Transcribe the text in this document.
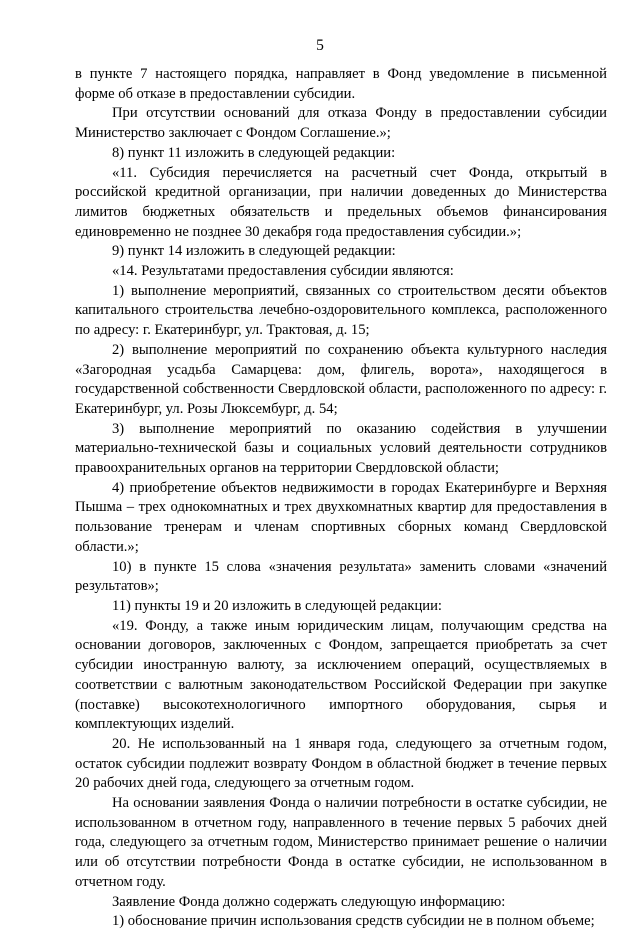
5

в пункте 7 настоящего порядка, направляет в Фонд уведомление в письменной форме об отказе в предоставлении субсидии.

При отсутствии оснований для отказа Фонду в предоставлении субсидии Министерство заключает с Фондом Соглашение.»;

8) пункт 11 изложить в следующей редакции:

«11. Субсидия перечисляется на расчетный счет Фонда, открытый в российской кредитной организации, при наличии доведенных до Министерства лимитов бюджетных обязательств и предельных объемов финансирования единовременно не позднее 30 декабря года предоставления субсидии.»;

9) пункт 14 изложить в следующей редакции:

«14. Результатами предоставления субсидии являются:

1) выполнение мероприятий, связанных со строительством десяти объектов капитального строительства лечебно-оздоровительного комплекса, расположенного по адресу: г. Екатеринбург, ул. Трактовая, д. 15;

2) выполнение мероприятий по сохранению объекта культурного наследия «Загородная усадьба Самарцева: дом, флигель, ворота», находящегося в государственной собственности Свердловской области, расположенного по адресу: г. Екатеринбург, ул. Розы Люксембург, д. 54;

3) выполнение мероприятий по оказанию содействия в улучшении материально-технической базы и социальных условий деятельности сотрудников правоохранительных органов на территории Свердловской области;

4) приобретение объектов недвижимости в городах Екатеринбурге и Верхняя Пышма – трех однокомнатных и трех двухкомнатных квартир для предоставления в пользование тренерам и членам спортивных сборных команд Свердловской области.»;

10) в пункте 15 слова «значения результата» заменить словами «значений результатов»;

11) пункты 19 и 20 изложить в следующей редакции:

«19. Фонду, а также иным юридическим лицам, получающим средства на основании договоров, заключенных с Фондом, запрещается приобретать за счет субсидии иностранную валюту, за исключением операций, осуществляемых в соответствии с валютным законодательством Российской Федерации при закупке (поставке) высокотехнологичного импортного оборудования, сырья и комплектующих изделий.

20. Не использованный на 1 января года, следующего за отчетным годом, остаток субсидии подлежит возврату Фондом в областной бюджет в течение первых 20 рабочих дней года, следующего за отчетным годом.

На основании заявления Фонда о наличии потребности в остатке субсидии, не использованном в отчетном году, направленного в течение первых 5 рабочих дней года, следующего за отчетным годом, Министерство принимает решение о наличии или об отсутствии потребности Фонда в остатке субсидии, не использованном в отчетном году.

Заявление Фонда должно содержать следующую информацию:

1) обоснование причин использования средств субсидии не в полном объеме;
